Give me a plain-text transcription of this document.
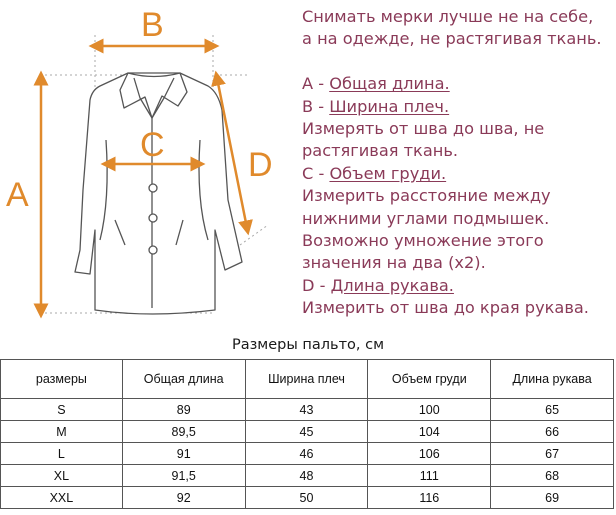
B
C
A
D
Снимать мерки лучше не на себе,
а на одежде, не растягивая ткань.
A - Общая длина.
B - Ширина плеч.
Измерять от шва до шва, не
растягивая ткань.
C - Объем груди.
Измерить расстояние между
нижними углами подмышек.
Возможно умножение этого
значения на два (х2).
D - Длина рукава.
Измерить от шва до края рукава.
Размеры пальто, см
размеры	Общая длина	Ширина плеч	Объем груди	Длина рукава
S	89	43	100	65
M	89,5	45	104	66
L	91	46	106	67
XL	91,5	48	111	68
XXL	92	50	116	69
